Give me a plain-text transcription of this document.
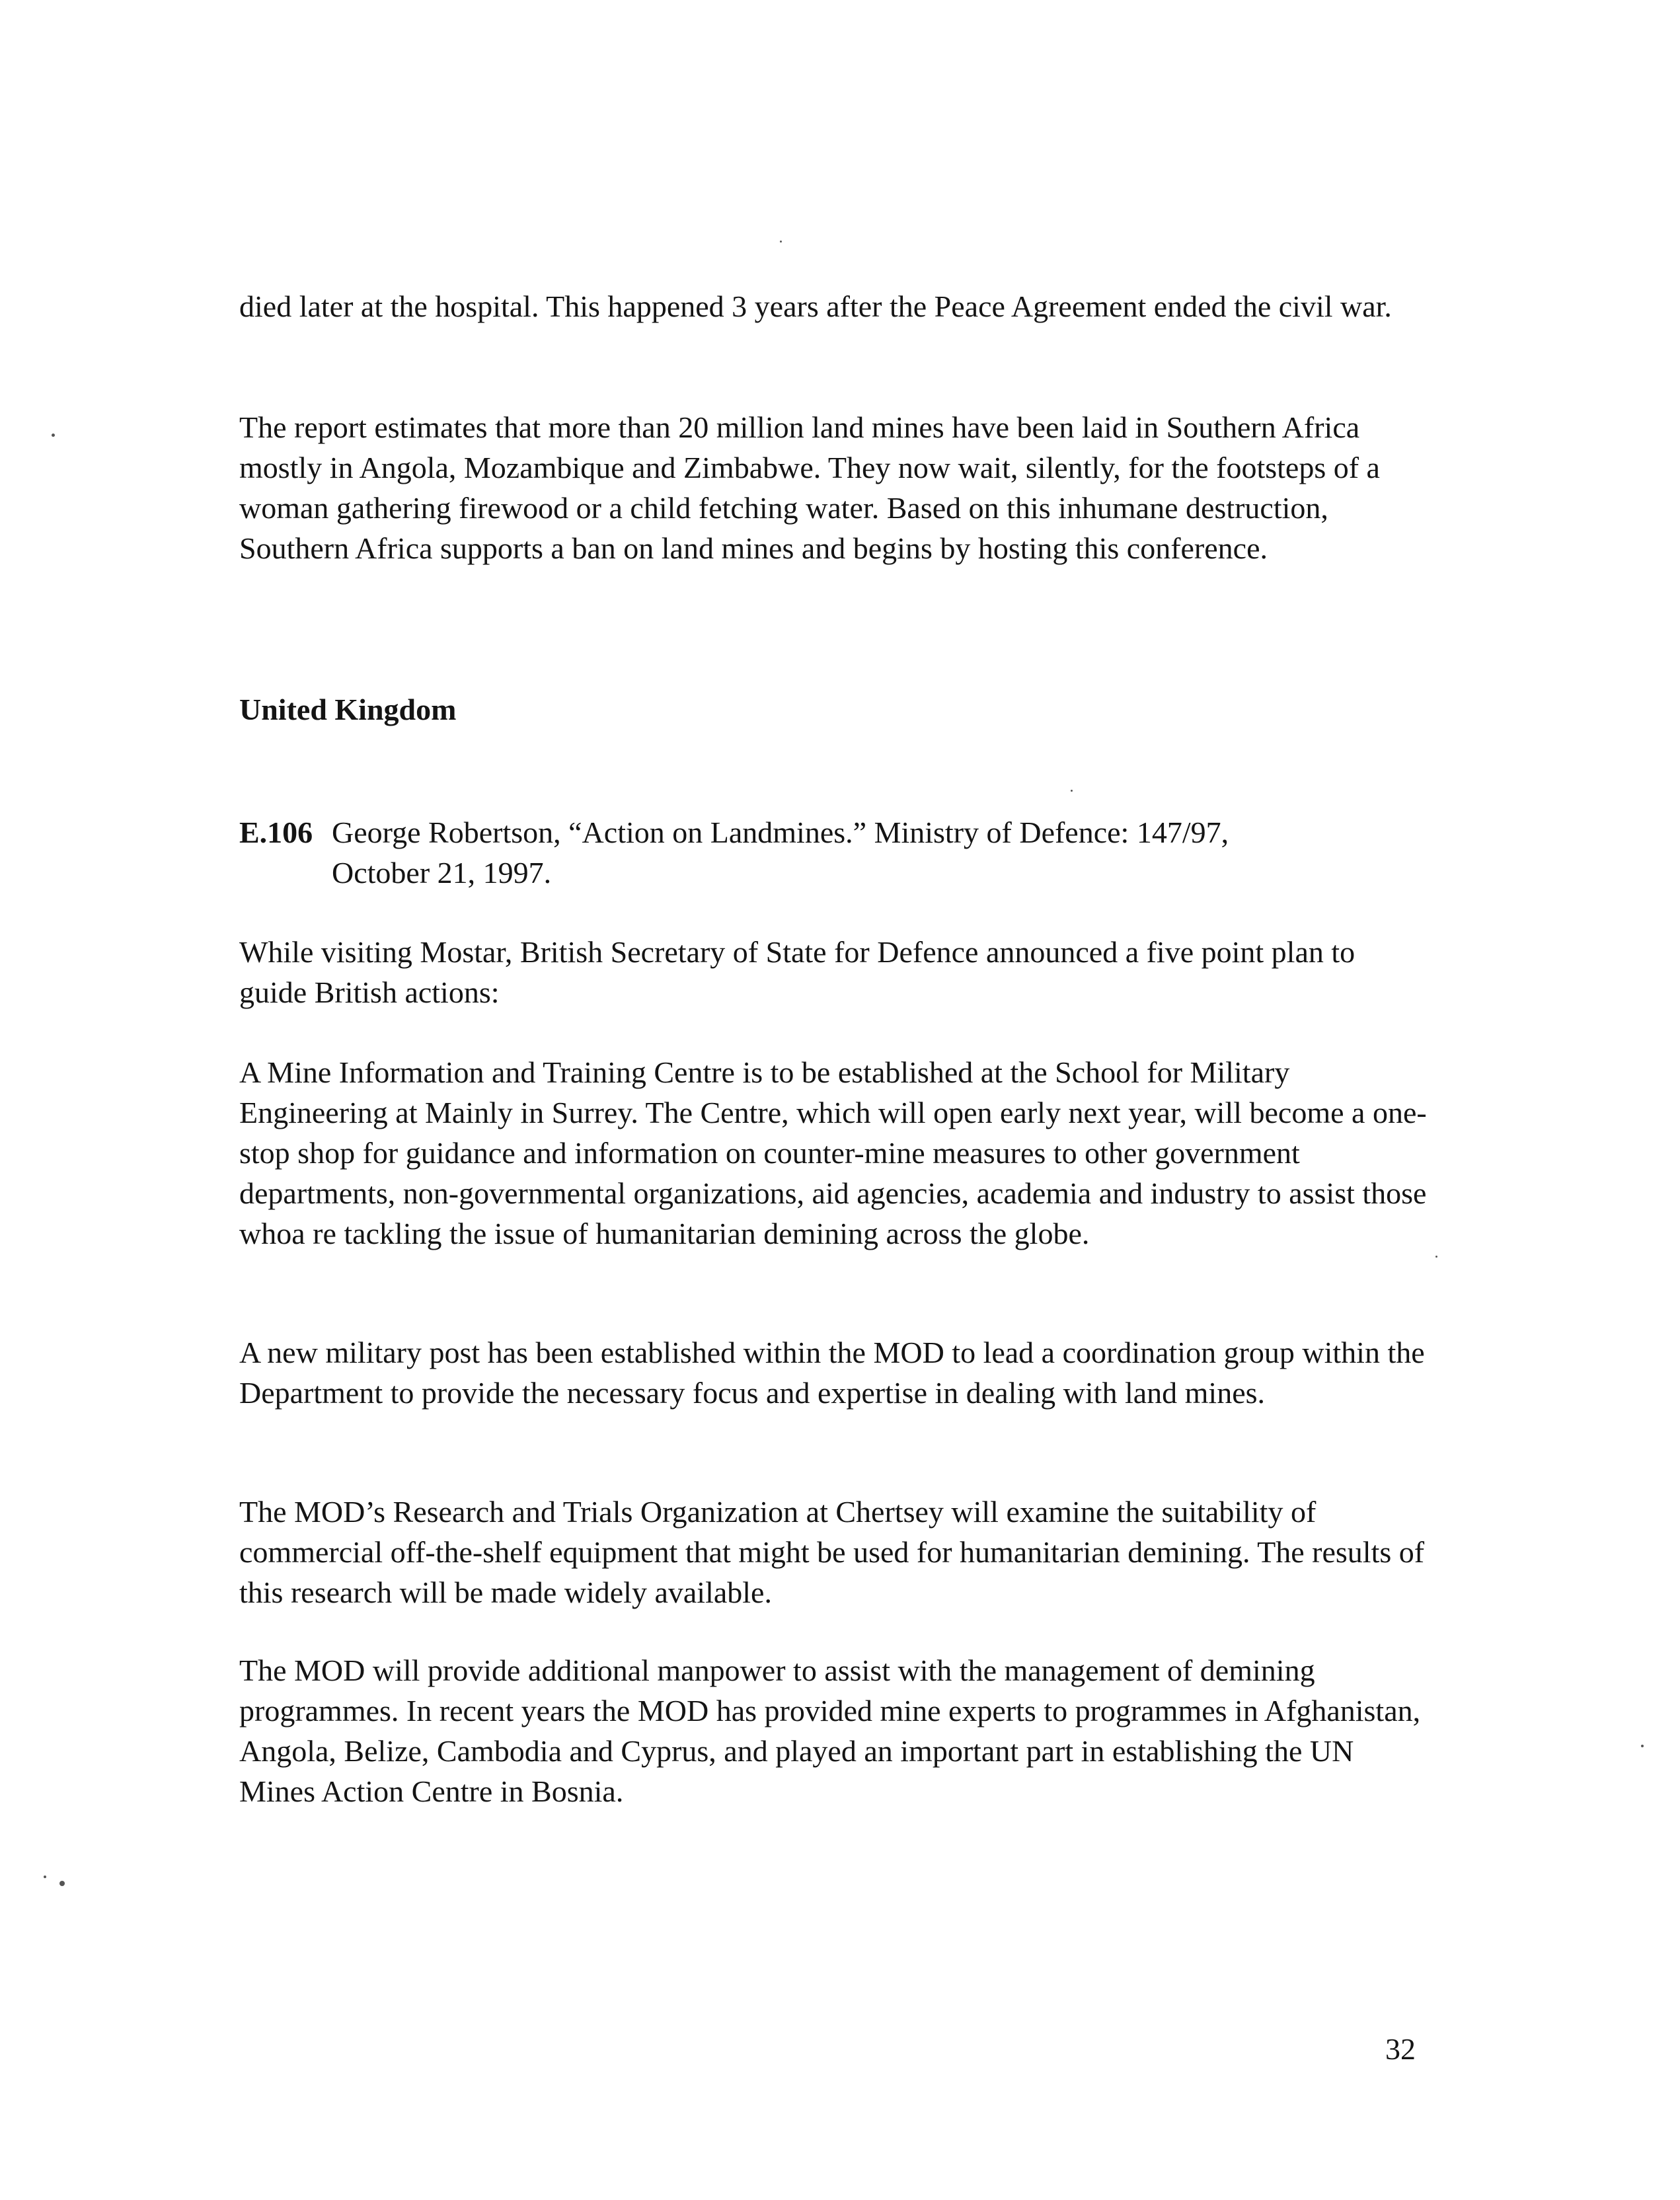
died later at the hospital. This happened 3 years after the Peace Agreement ended the civil war.

The report estimates that more than 20 million land mines have been laid in Southern Africa mostly in Angola, Mozambique and Zimbabwe. They now wait, silently, for the footsteps of a woman gathering firewood or a child fetching water. Based on this inhumane destruction, Southern Africa supports a ban on land mines and begins by hosting this conference.

United Kingdom

E.106 George Robertson, “Action on Landmines.” Ministry of Defence: 147/97,
October 21, 1997.

While visiting Mostar, British Secretary of State for Defence announced a five point plan to guide British actions:

A Mine Information and Training Centre is to be established at the School for Military Engineering at Mainly in Surrey. The Centre, which will open early next year, will become a one-stop shop for guidance and information on counter-mine measures to other government departments, non-governmental organizations, aid agencies, academia and industry to assist those whoa re tackling the issue of humanitarian demining across the globe.

A new military post has been established within the MOD to lead a coordination group within the Department to provide the necessary focus and expertise in dealing with land mines.

The MOD’s Research and Trials Organization at Chertsey will examine the suitability of commercial off-the-shelf equipment that might be used for humanitarian demining. The results of this research will be made widely available.

The MOD will provide additional manpower to assist with the management of demining programmes. In recent years the MOD has provided mine experts to programmes in Afghanistan, Angola, Belize, Cambodia and Cyprus, and played an important part in establishing the UN Mines Action Centre in Bosnia.

32
